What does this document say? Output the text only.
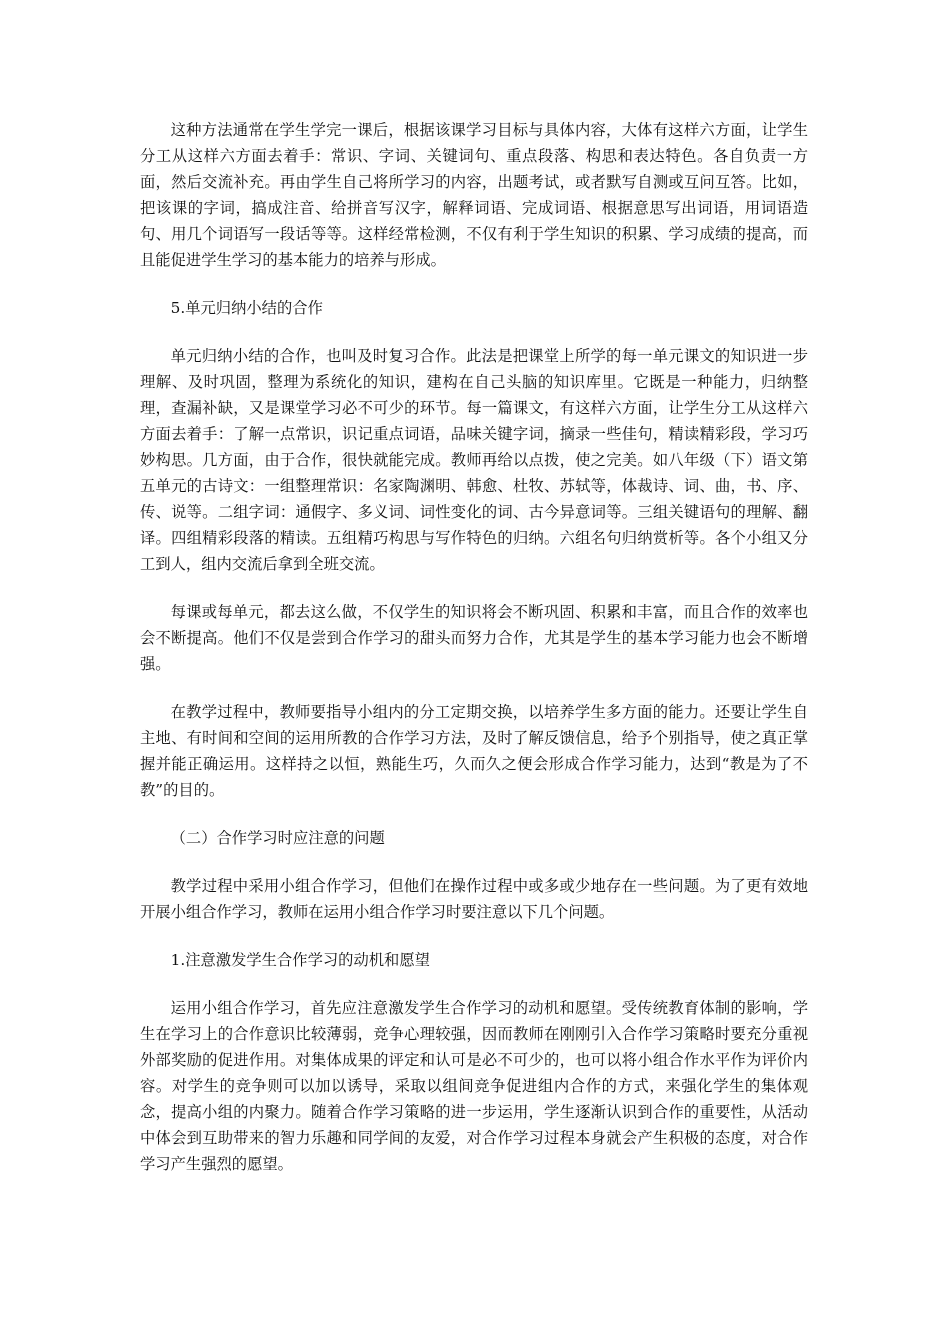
这种方法通常在学生学完一课后，根据该课学习目标与具体内容，大体有这样六方面，让学生分工从这样六方面去着手：常识、字词、关键词句、重点段落、构思和表达特色。各自负责一方面，然后交流补充。再由学生自己将所学习的内容，出题考试，或者默写自测或互问互答。比如，把该课的字词，搞成注音、给拼音写汉字，解释词语、完成词语、根据意思写出词语，用词语造句、用几个词语写一段话等等。这样经常检测，不仅有利于学生知识的积累、学习成绩的提高，而且能促进学生学习的基本能力的培养与形成。

5.单元归纳小结的合作

单元归纳小结的合作，也叫及时复习合作。此法是把课堂上所学的每一单元课文的知识进一步理解、及时巩固，整理为系统化的知识，建构在自己头脑的知识库里。它既是一种能力，归纳整理，查漏补缺，又是课堂学习必不可少的环节。每一篇课文，有这样六方面，让学生分工从这样六方面去着手：了解一点常识，识记重点词语，品味关键字词，摘录一些佳句，精读精彩段，学习巧妙构思。几方面，由于合作，很快就能完成。教师再给以点拨，使之完美。如八年级（下）语文第五单元的古诗文：一组整理常识：名家陶渊明、韩愈、杜牧、苏轼等，体裁诗、词、曲，书、序、传、说等。二组字词：通假字、多义词、词性变化的词、古今异意词等。三组关键语句的理解、翻译。四组精彩段落的精读。五组精巧构思与写作特色的归纳。六组名句归纳赏析等。各个小组又分工到人，组内交流后拿到全班交流。

每课或每单元，都去这么做，不仅学生的知识将会不断巩固、积累和丰富，而且合作的效率也会不断提高。他们不仅是尝到合作学习的甜头而努力合作，尤其是学生的基本学习能力也会不断增强。

在教学过程中，教师要指导小组内的分工定期交换，以培养学生多方面的能力。还要让学生自主地、有时间和空间的运用所教的合作学习方法，及时了解反馈信息，给予个别指导，使之真正掌握并能正确运用。这样持之以恒，熟能生巧，久而久之便会形成合作学习能力，达到“教是为了不教”的目的。

（二）合作学习时应注意的问题

教学过程中采用小组合作学习，但他们在操作过程中或多或少地存在一些问题。为了更有效地开展小组合作学习，教师在运用小组合作学习时要注意以下几个问题。

1.注意激发学生合作学习的动机和愿望

运用小组合作学习，首先应注意激发学生合作学习的动机和愿望。受传统教育体制的影响，学生在学习上的合作意识比较薄弱，竞争心理较强，因而教师在刚刚引入合作学习策略时要充分重视外部奖励的促进作用。对集体成果的评定和认可是必不可少的，也可以将小组合作水平作为评价内容。对学生的竞争则可以加以诱导，采取以组间竞争促进组内合作的方式，来强化学生的集体观念，提高小组的内聚力。随着合作学习策略的进一步运用，学生逐渐认识到合作的重要性，从活动中体会到互助带来的智力乐趣和同学间的友爱，对合作学习过程本身就会产生积极的态度，对合作学习产生强烈的愿望。
